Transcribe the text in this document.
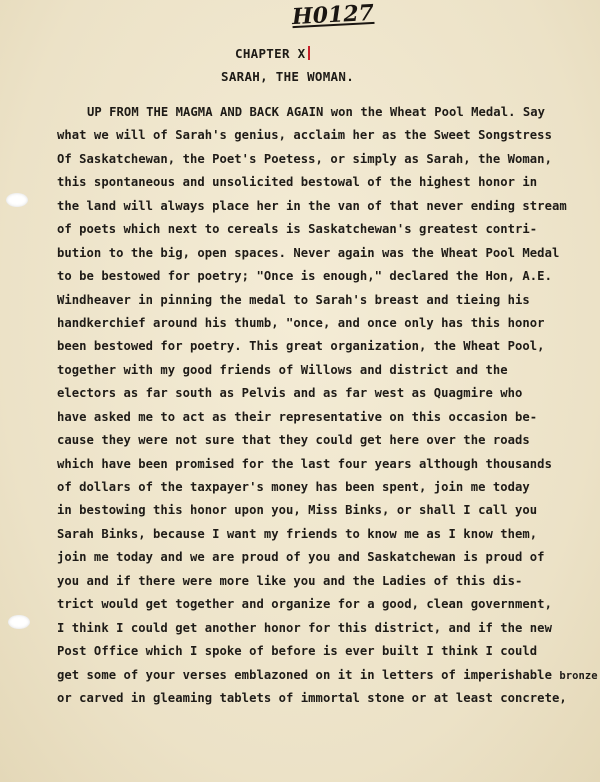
H0127
CHAPTER X
SARAH, THE WOMAN.
UP FROM THE MAGMA AND BACK AGAIN won the Wheat Pool Medal. Say
what we will of Sarah's genius, acclaim her as the Sweet Songstress
Of Saskatchewan, the Poet's Poetess, or simply as Sarah, the Woman,
this spontaneous and unsolicited bestowal of the highest honor in
the land will always place her in the van of that never ending stream
of poets which next to cereals is Saskatchewan's greatest contri-
bution to the big, open spaces. Never again was the Wheat Pool Medal
to be bestowed for poetry; "Once is enough," declared the Hon, A.E.
Windheaver in pinning the medal to Sarah's breast and tieing his
handkerchief around his thumb, "once, and once only has this honor
been bestowed for poetry. This great organization, the Wheat Pool,
together with my good friends of Willows and district and the
electors as far south as Pelvis and as far west as Quagmire who
have asked me to act as their representative on this occasion be-
cause they were not sure that they could get here over the roads
which have been promised for the last four years although thousands
of dollars of the taxpayer's money has been spent, join me today
in bestowing this honor upon you, Miss Binks, or shall I call you
Sarah Binks, because I want my friends to know me as I know them,
join me today and we are proud of you and Saskatchewan is proud of
you and if there were more like you and the Ladies of this dis-
trict would get together and organize for a good, clean government,
I think I could get another honor for this district, and if the new
Post Office which I spoke of before is ever built I think I could
get some of your verses emblazoned on it in letters of imperishable bronze
or carved in gleaming tablets of immortal stone or at least concrete,
